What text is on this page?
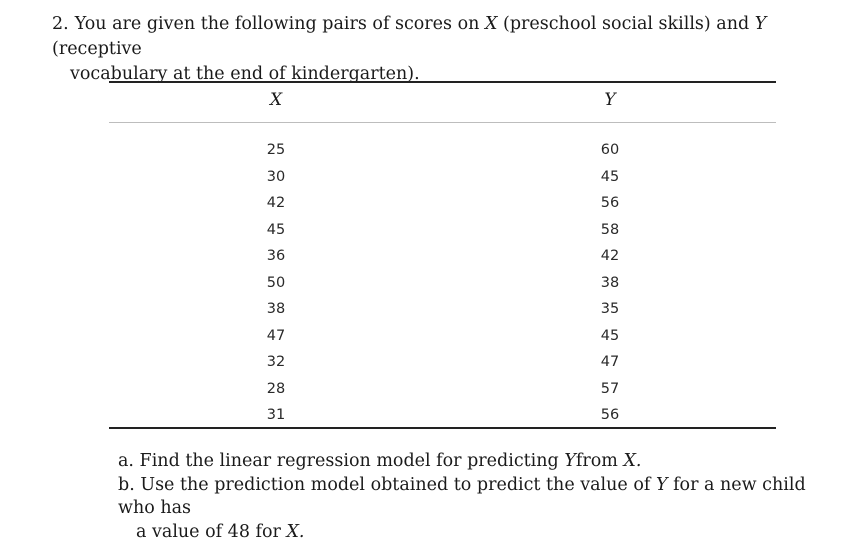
2. You are given the following pairs of scores on X (preschool social skills) and Y (receptive
vocabulary at the end of kindergarten).
X	Y
25
30
42
45
36
50
38
47
32
28
31
60
45
56
58
42
38
35
45
47
57
56
a. Find the linear regression model for predicting Yfrom X.
b. Use the prediction model obtained to predict the value of Y for a new child who has
a value of 48 for X.
